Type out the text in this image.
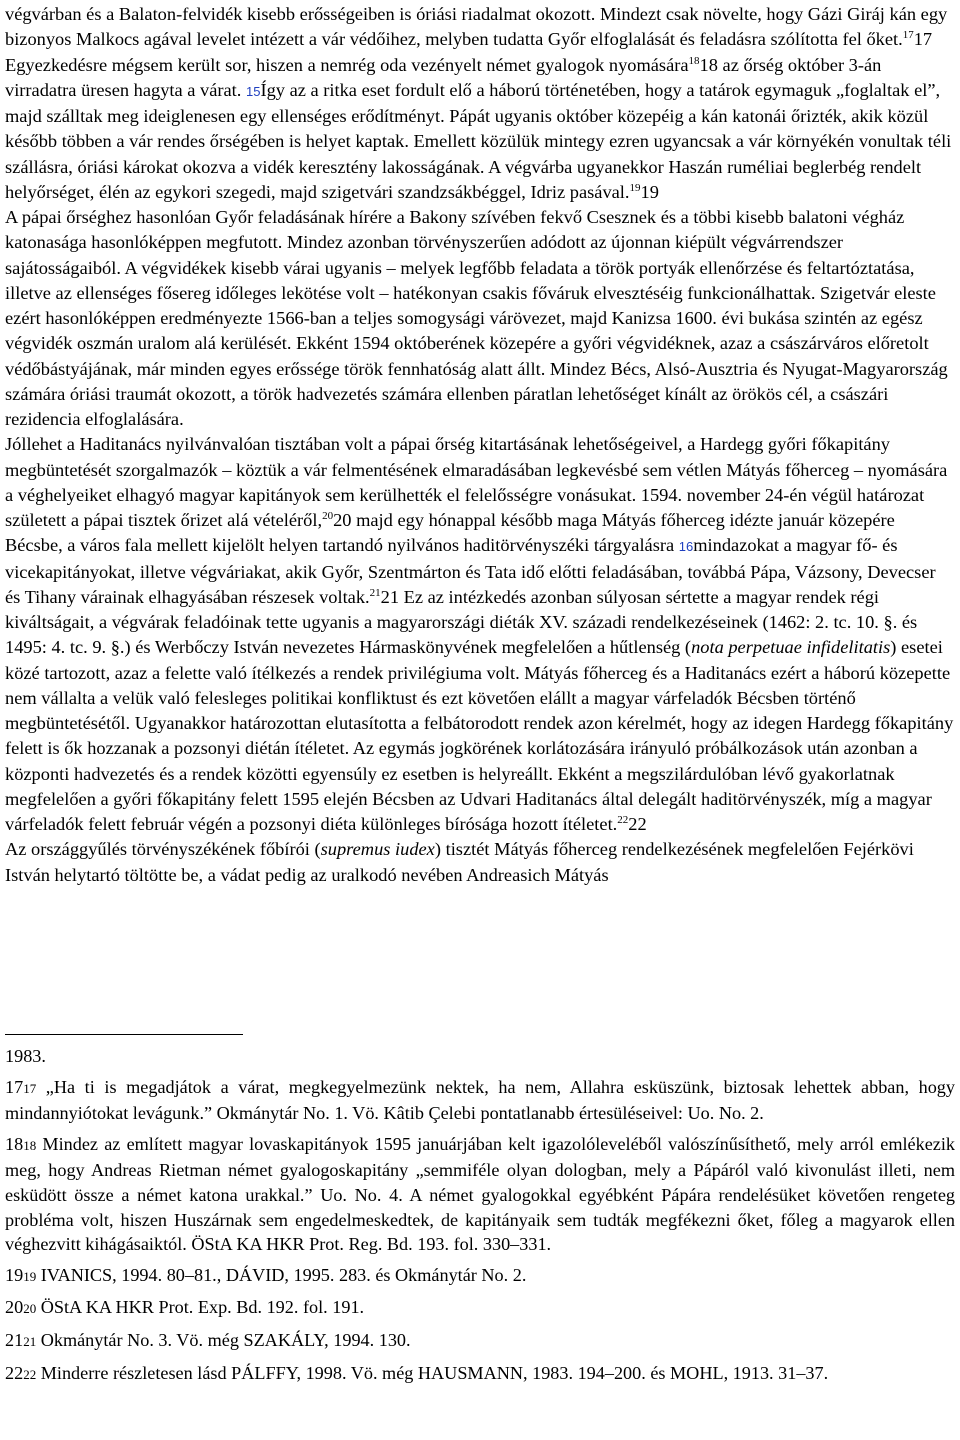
végvárban és a Balaton-felvidék kisebb erősségeiben is óriási riadalmat okozott. Mindezt csak növelte, hogy Gázi Giráj kán egy bizonyos Malkocs agával levelet intézett a vár védőihez, melyben tudatta Győr elfoglalását és feladásra szólította fel őket.$^{17}$17 Egyezkedésre mégsem került sor, hiszen a nemrég oda vezényelt német gyalogok nyomására$^{18}$18 az őrség október 3-án virradatra üresen hagyta a várat. 15Így az a ritka eset fordult elő a háború történetében, hogy a tatárok egymaguk „foglaltak el”, majd szálltak meg ideiglenesen egy ellenséges erődítményt. Pápát ugyanis október közepéig a kán katonái őrizték, akik közül később többen a vár rendes őrségében is helyet kaptak. Emellett közülük mintegy ezren ugyancsak a vár környékén vonultak téli szállásra, óriási károkat okozva a vidék keresztény lakosságának. A végvárba ugyanekkor Haszán ruméliai beglerbég rendelt helyőrséget, élén az egykori szegedi, majd szigetvári szandzsákbéggel, Idriz pasával.$^{19}$19

A pápai őrséghez hasonlóan Győr feladásának hírére a Bakony szívében fekvő Csesznek és a többi kisebb balatoni végház katonasága hasonlóképpen megfutott. Mindez azonban törvényszerűen adódott az újonnan kiépült végvárrendszer sajátosságaiból. A végvidékek kisebb várai ugyanis – melyek legfőbb feladata a török portyák ellenőrzése és feltartóztatása, illetve az ellenséges fősereg időleges lekötése volt – hatékonyan csakis főváruk elvesztéséig funkcionálhattak. Szigetvár eleste ezért hasonlóképpen eredményezte 1566-ban a teljes somogysági várövezet, majd Kanizsa 1600. évi bukása szintén az egész végvidék oszmán uralom alá kerülését. Ekként 1594 októberének közepére a győri végvidéknek, azaz a császárváros előretolt védőbástyájának, már minden egyes erőssége török fennhatóság alatt állt. Mindez Bécs, Alsó-Ausztria és Nyugat-Magyarország számára óriási traumát okozott, a török hadvezetés számára ellenben páratlan lehetőséget kínált az örökös cél, a császári rezidencia elfoglalására.

Jóllehet a Haditanács nyilvánvalóan tisztában volt a pápai őrség kitartásának lehetőségeivel, a Hardegg győri főkapitány megbüntetését szorgalmazók – köztük a vár felmentésének elmaradásában legkevésbé sem vétlen Mátyás főherceg – nyomására a véghelyeiket elhagyó magyar kapitányok sem kerülhették el felelősségre vonásukat. 1594. november 24-én végül határozat született a pápai tisztek őrizet alá vételéről,$^{20}$20 majd egy hónappal később maga Mátyás főherceg idézte január közepére Bécsbe, a város fala mellett kijelölt helyen tartandó nyilvános haditörvényszéki tárgyalásra 16mindazokat a magyar fő- és vicekapitányokat, illetve végváriakat, akik Győr, Szentmárton és Tata idő előtti feladásában, továbbá Pápa, Vázsony, Devecser és Tihany várainak elhagyásában részesek voltak.$^{21}$21 Ez az intézkedés azonban súlyosan sértette a magyar rendek régi kiváltságait, a végvárak feladóinak tette ugyanis a magyarországi diéták XV. századi rendelkezéseinek (1462: 2. tc. 10. §. és 1495: 4. tc. 9. §.) és Werbőczy István nevezetes Hármaskönyvének megfelelően a hűtlenség (nota perpetuae infidelitatis) esetei közé tartozott, azaz a felette való ítélkezés a rendek privilégiuma volt. Mátyás főherceg és a Haditanács ezért a háború közepette nem vállalta a velük való felesleges politikai konfliktust és ezt követően elállt a magyar várfeladók Bécsben történő megbüntetésétől. Ugyanakkor határozottan elutasította a felbátorodott rendek azon kérelmét, hogy az idegen Hardegg főkapitány felett is ők hozzanak a pozsonyi diétán ítéletet. Az egymás jogkörének korlátozására irányuló próbálkozások után azonban a központi hadvezetés és a rendek közötti egyensúly ez esetben is helyreállt. Ekként a megszilárdulóban lévő gyakorlatnak megfelelően a győri főkapitány felett 1595 elején Bécsben az Udvari Haditanács által delegált haditörvényszék, míg a magyar várfeladók felett február végén a pozsonyi diéta különleges bírósága hozott ítéletet.$^{22}$22

Az országgyűlés törvényszékének főbírói (supremus iudex) tisztét Mátyás főherceg rendelkezésének megfelelően Fejérkövi István helytartó töltötte be, a vádat pedig az uralkodó nevében Andreasich Mátyás

1983.

1717 „Ha ti is megadjátok a várat, megkegyelmezünk nektek, ha nem, Allahra esküszünk, biztosak lehettek abban, hogy mindannyiótokat levágunk.” Okmánytár No. 1. Vö. Kâtib Çelebi pontatlanabb értesüléseivel: Uo. No. 2.

1818 Mindez az említett magyar lovaskapitányok 1595 januárjában kelt igazolóleveléből valószínűsíthető, mely arról emlékezik meg, hogy Andreas Rietman német gyalogoskapitány „semmiféle olyan dologban, mely a Pápáról való kivonulást illeti, nem esküdött össze a német katona urakkal.” Uo. No. 4. A német gyalogokkal egyébként Pápára rendelésüket követően rengeteg probléma volt, hiszen Huszárnak sem engedelmeskedtek, de kapitányaik sem tudták megfékezni őket, főleg a magyarok ellen véghezvitt kihágásaiktól. ÖStA KA HKR Prot. Reg. Bd. 193. fol. 330–331.

1919 IVANICS, 1994. 80–81., DÁVID, 1995. 283. és Okmánytár No. 2.

2020 ÖStA KA HKR Prot. Exp. Bd. 192. fol. 191.

2121 Okmánytár No. 3. Vö. még SZAKÁLY, 1994. 130.

2222 Minderre részletesen lásd PÁLFFY, 1998. Vö. még HAUSMANN, 1983. 194–200. és MOHL, 1913. 31–37.
